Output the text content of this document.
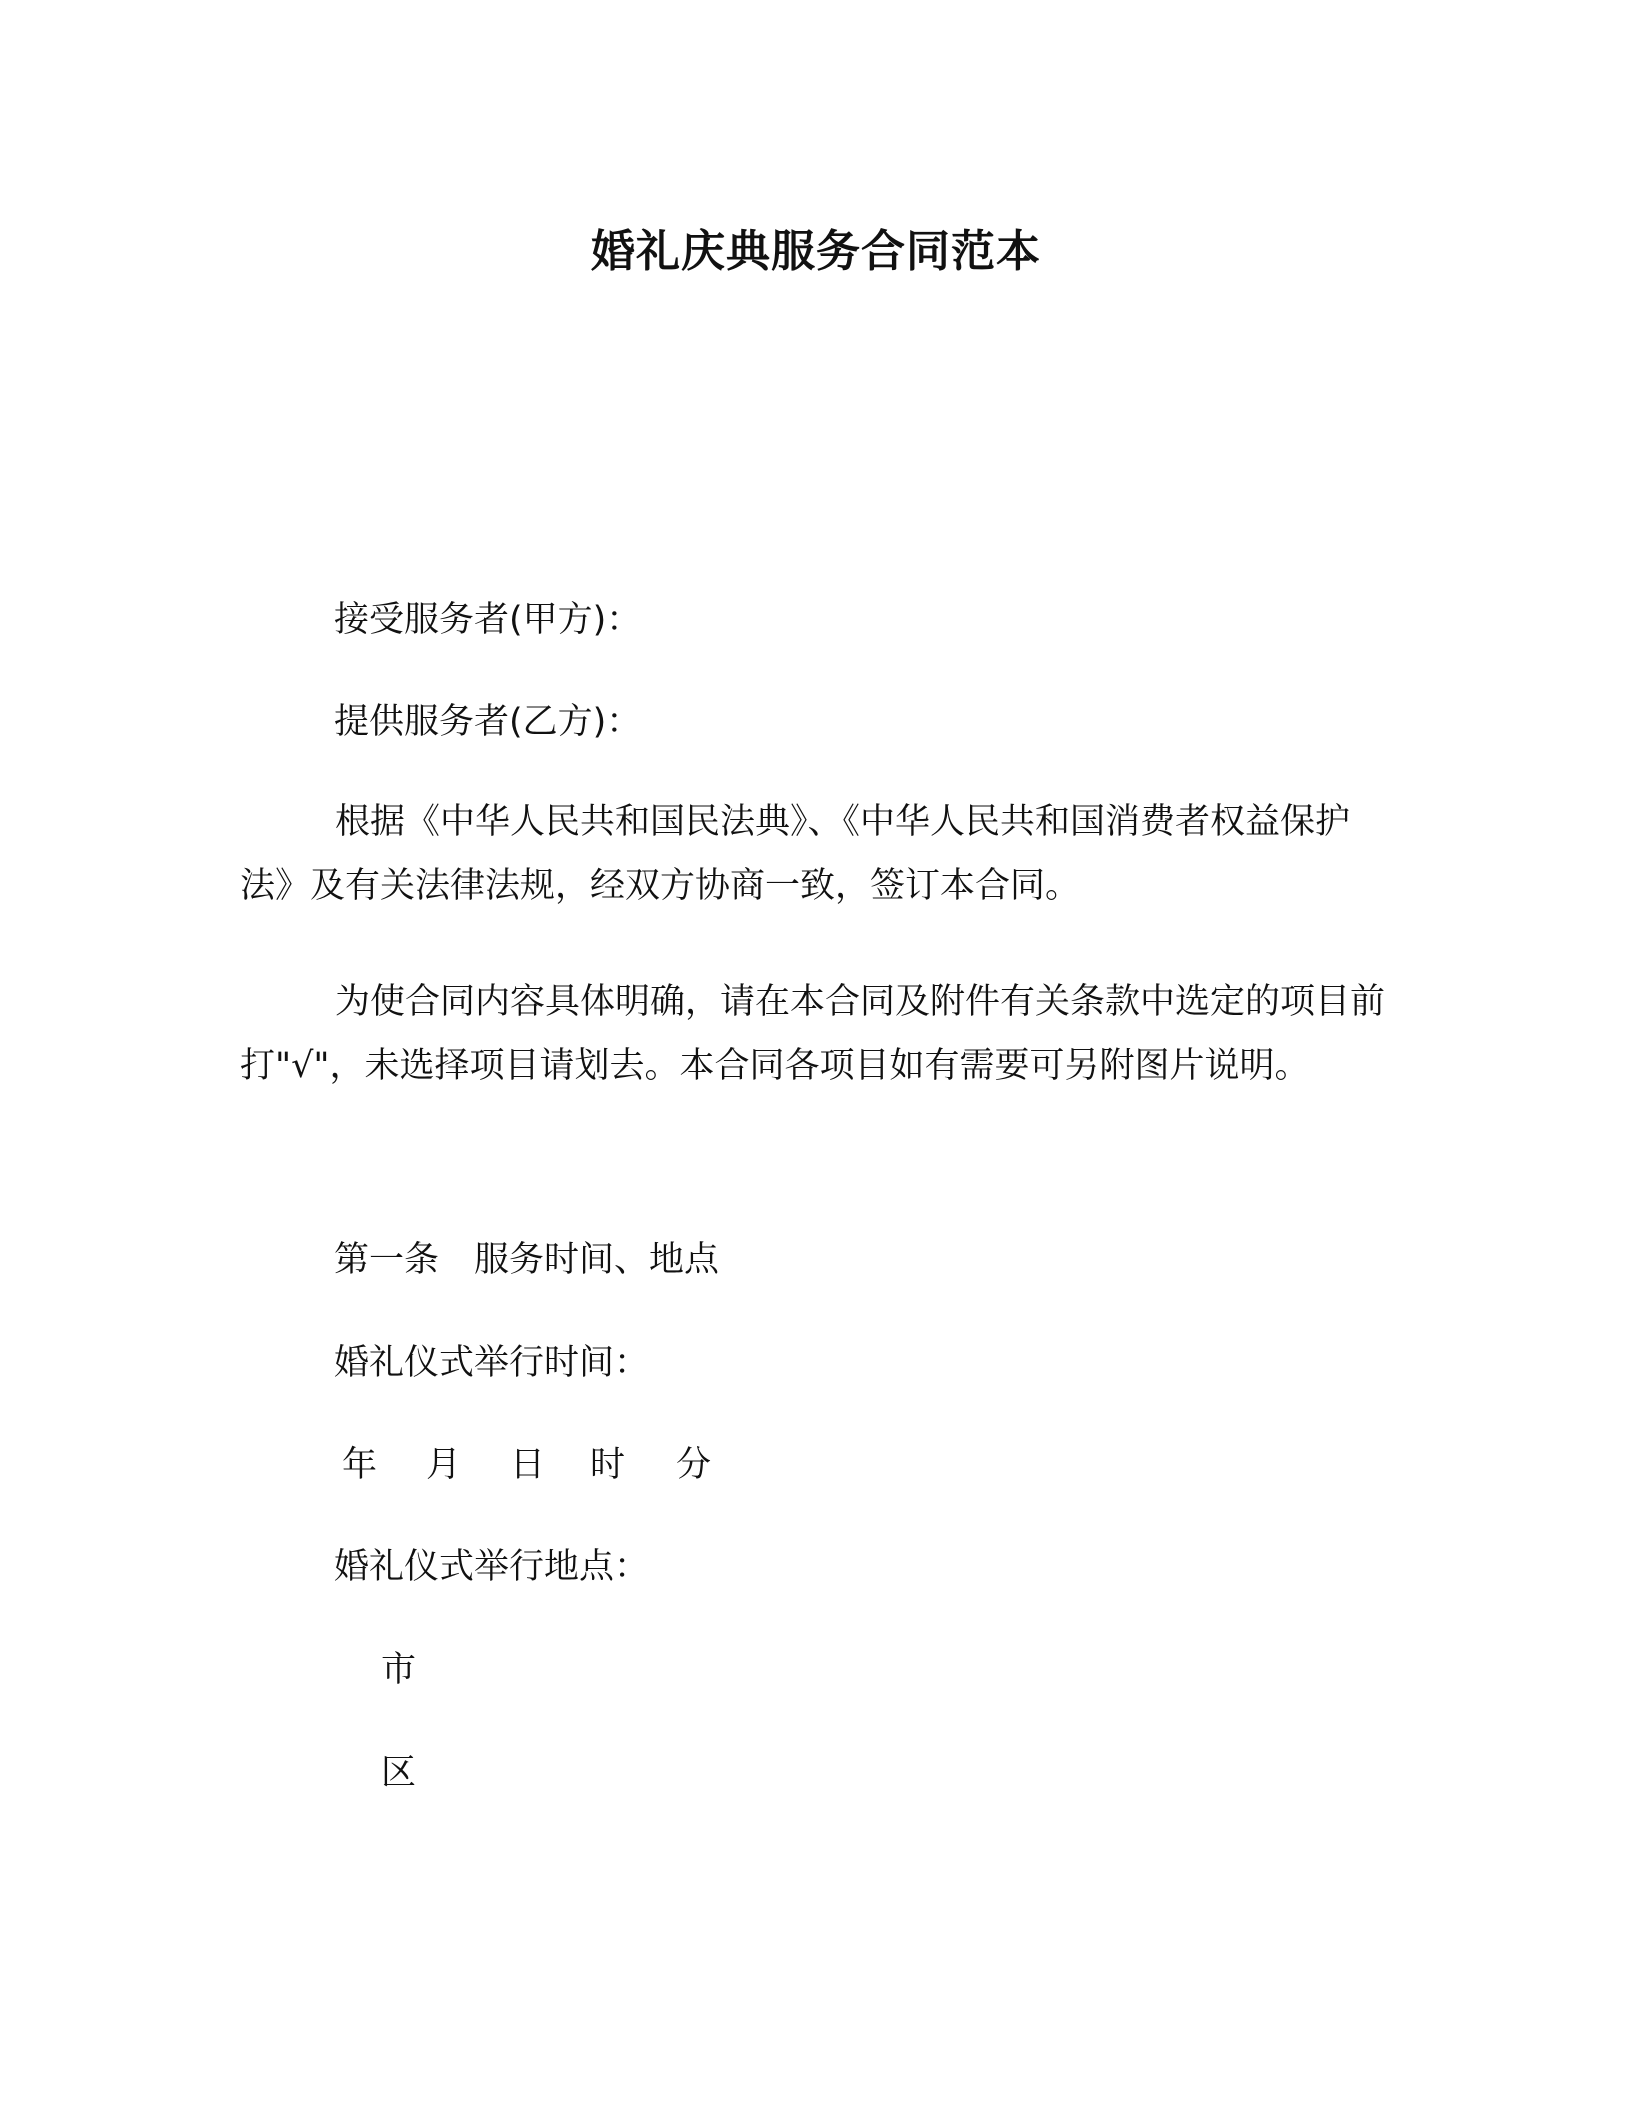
婚礼庆典服务合同范本
接受服务者(甲方)：
提供服务者(乙方)：
根据《中华人民共和国民法典》、《中华人民共和国消费者权益保护法》及有关法律法规，经双方协商一致，签订本合同。
为使合同内容具体明确，请在本合同及附件有关条款中选定的项目前打"√"，未选择项目请划去。本合同各项目如有需要可另附图片说明。
第一条　服务时间、地点
婚礼仪式举行时间：
年 月 日 时 分
婚礼仪式举行地点：
市
区
